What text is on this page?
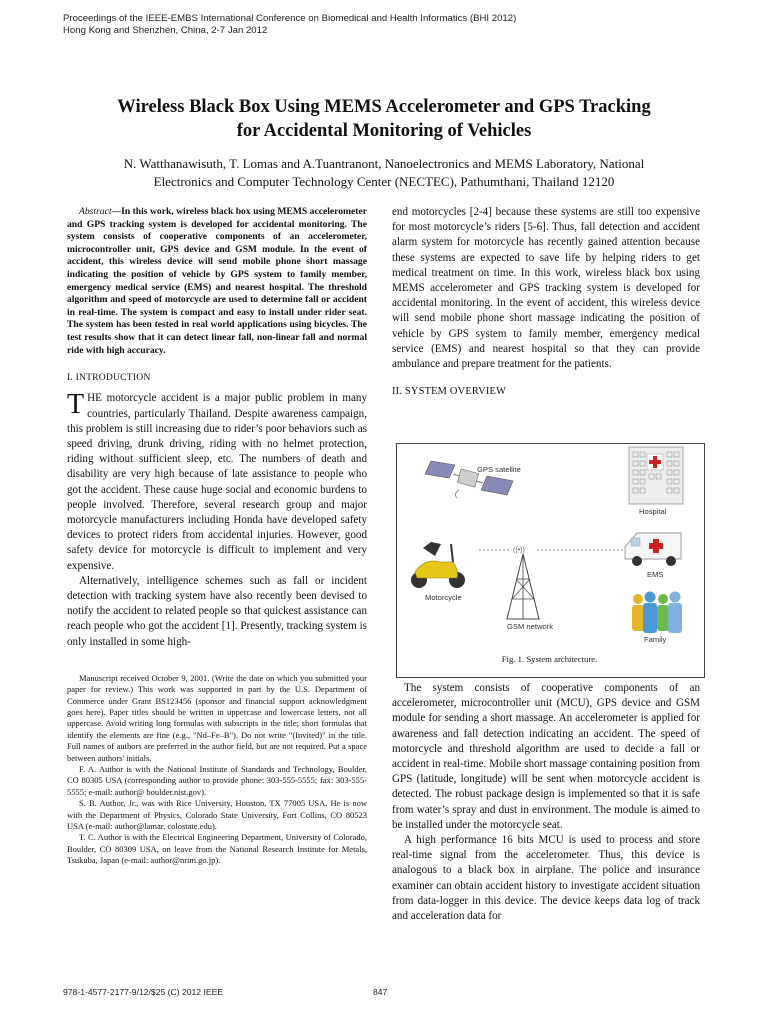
Proceedings of the IEEE-EMBS International Conference on Biomedical and Health Informatics (BHI 2012)
Hong Kong and Shenzhen, China, 2-7 Jan 2012
Wireless Black Box Using MEMS Accelerometer and GPS Tracking
for Accidental Monitoring of Vehicles
N. Watthanawisuth, T. Lomas and A.Tuantranont, Nanoelectronics and MEMS Laboratory, National
Electronics and Computer Technology Center (NECTEC), Pathumthani, Thailand 12120

Abstract—In this work, wireless black box using MEMS accelerometer and GPS tracking system is developed for accidental monitoring. The system consists of cooperative components of an accelerometer, microcontroller unit, GPS device and GSM module. In the event of accident, this wireless device will send mobile phone short massage indicating the position of vehicle by GPS system to family member, emergency medical service (EMS) and nearest hospital. The threshold algorithm and speed of motorcycle are used to determine fall or accident in real-time. The system is compact and easy to install under rider seat. The system has been tested in real world applications using bicycles. The test results show that it can detect linear fall, non-linear fall and normal ride with high accuracy.

I. INTRODUCTION

THE motorcycle accident is a major public problem in many countries, particularly Thailand. Despite awareness campaign, this problem is still increasing due to rider’s poor behaviors such as speed driving, drunk driving, riding with no helmet protection, riding without sufficient sleep, etc. The numbers of death and disability are very high because of late assistance to people who got the accident. These cause huge social and economic burdens to people involved. Therefore, several research group and major motorcycle manufacturers including Honda have developed safety devices to protect riders from accidental injuries. However, good safety device for motorcycle is difficult to implement and very expensive.

Alternatively, intelligence schemes such as fall or incident detection with tracking system have also recently been devised to notify the accident to related people so that quickest assistance can reach people who got the accident [1]. Presently, tracking system is only installed in some high-

Manuscript received October 9, 2001. (Write the date on which you submitted your paper for review.) This work was supported in part by the U.S. Department of Commerce under Grant BS123456 (sponsor and financial support acknowledgment goes here). Paper titles should be written in uppercase and lowercase letters, not all uppercase. Avoid writing long formulas with subscripts in the title; short formulas that identify the elements are fine (e.g., "Nd–Fe–B"). Do not write "(Invited)" in the title. Full names of authors are preferred in the author field, but are not required. Put a space between authors' initials.

F. A. Author is with the National Institute of Standards and Technology, Boulder, CO 80305 USA (corresponding author to provide phone: 303-555-5555; fax: 303-555-5555; e-mail: author@ boulder.nist.gov).

S. B. Author, Jr., was with Rice University, Houston, TX 77005 USA. He is now with the Department of Physics, Colorado State University, Fort Collins, CO 80523 USA (e-mail: author@lamar. colostate.edu).

T. C. Author is with the Electrical Engineering Department, University of Colorado, Boulder, CO 80309 USA, on leave from the National Research Institute for Metals, Tsukuba, Japan (e-mail: author@nrim.go.jp).

end motorcycles [2-4] because these systems are still too expensive for most motorcycle’s riders [5-6]. Thus, fall detection and accident alarm system for motorcycle has recently gained attention because these systems are expected to save life by helping riders to get medical treatment on time. In this work, wireless black box using MEMS accelerometer and GPS tracking system is developed for accidental monitoring. In the event of accident, this wireless device will send mobile phone short massage indicating the position of vehicle by GPS system to family member, emergency medical service (EMS) and nearest hospital so that they can provide ambulance and prepare treatment for the patients.

II. SYSTEM OVERVIEW

((•))
GPS satellite
Hospital
EMS
Motorcycle
GSM network
Family
Fig. 1. System architecture.

The system consists of cooperative components of an accelerometer, microcontroller unit (MCU), GPS device and GSM module for sending a short massage. An accelerometer is applied for awareness and fall detection indicating an accident. The speed of motorcycle and threshold algorithm are used to decide a fall or accident in real-time. Mobile short massage containing position from GPS (latitude, longitude) will be sent when motorcycle accident is detected. The robust package design is implemented so that it is safe from water’s spray and dust in environment. The module is aimed to be installed under the motorcycle seat.

A high performance 16 bits MCU is used to process and store real-time signal from the accelerometer. Thus, this device is analogous to a black box in airplane. The police and insurance examiner can obtain accident history to investigate accident situation from data-logger in this device. The device keeps data log of track and acceleration data for

978-1-4577-2177-9/12/$25 (C) 2012 IEEE	847
